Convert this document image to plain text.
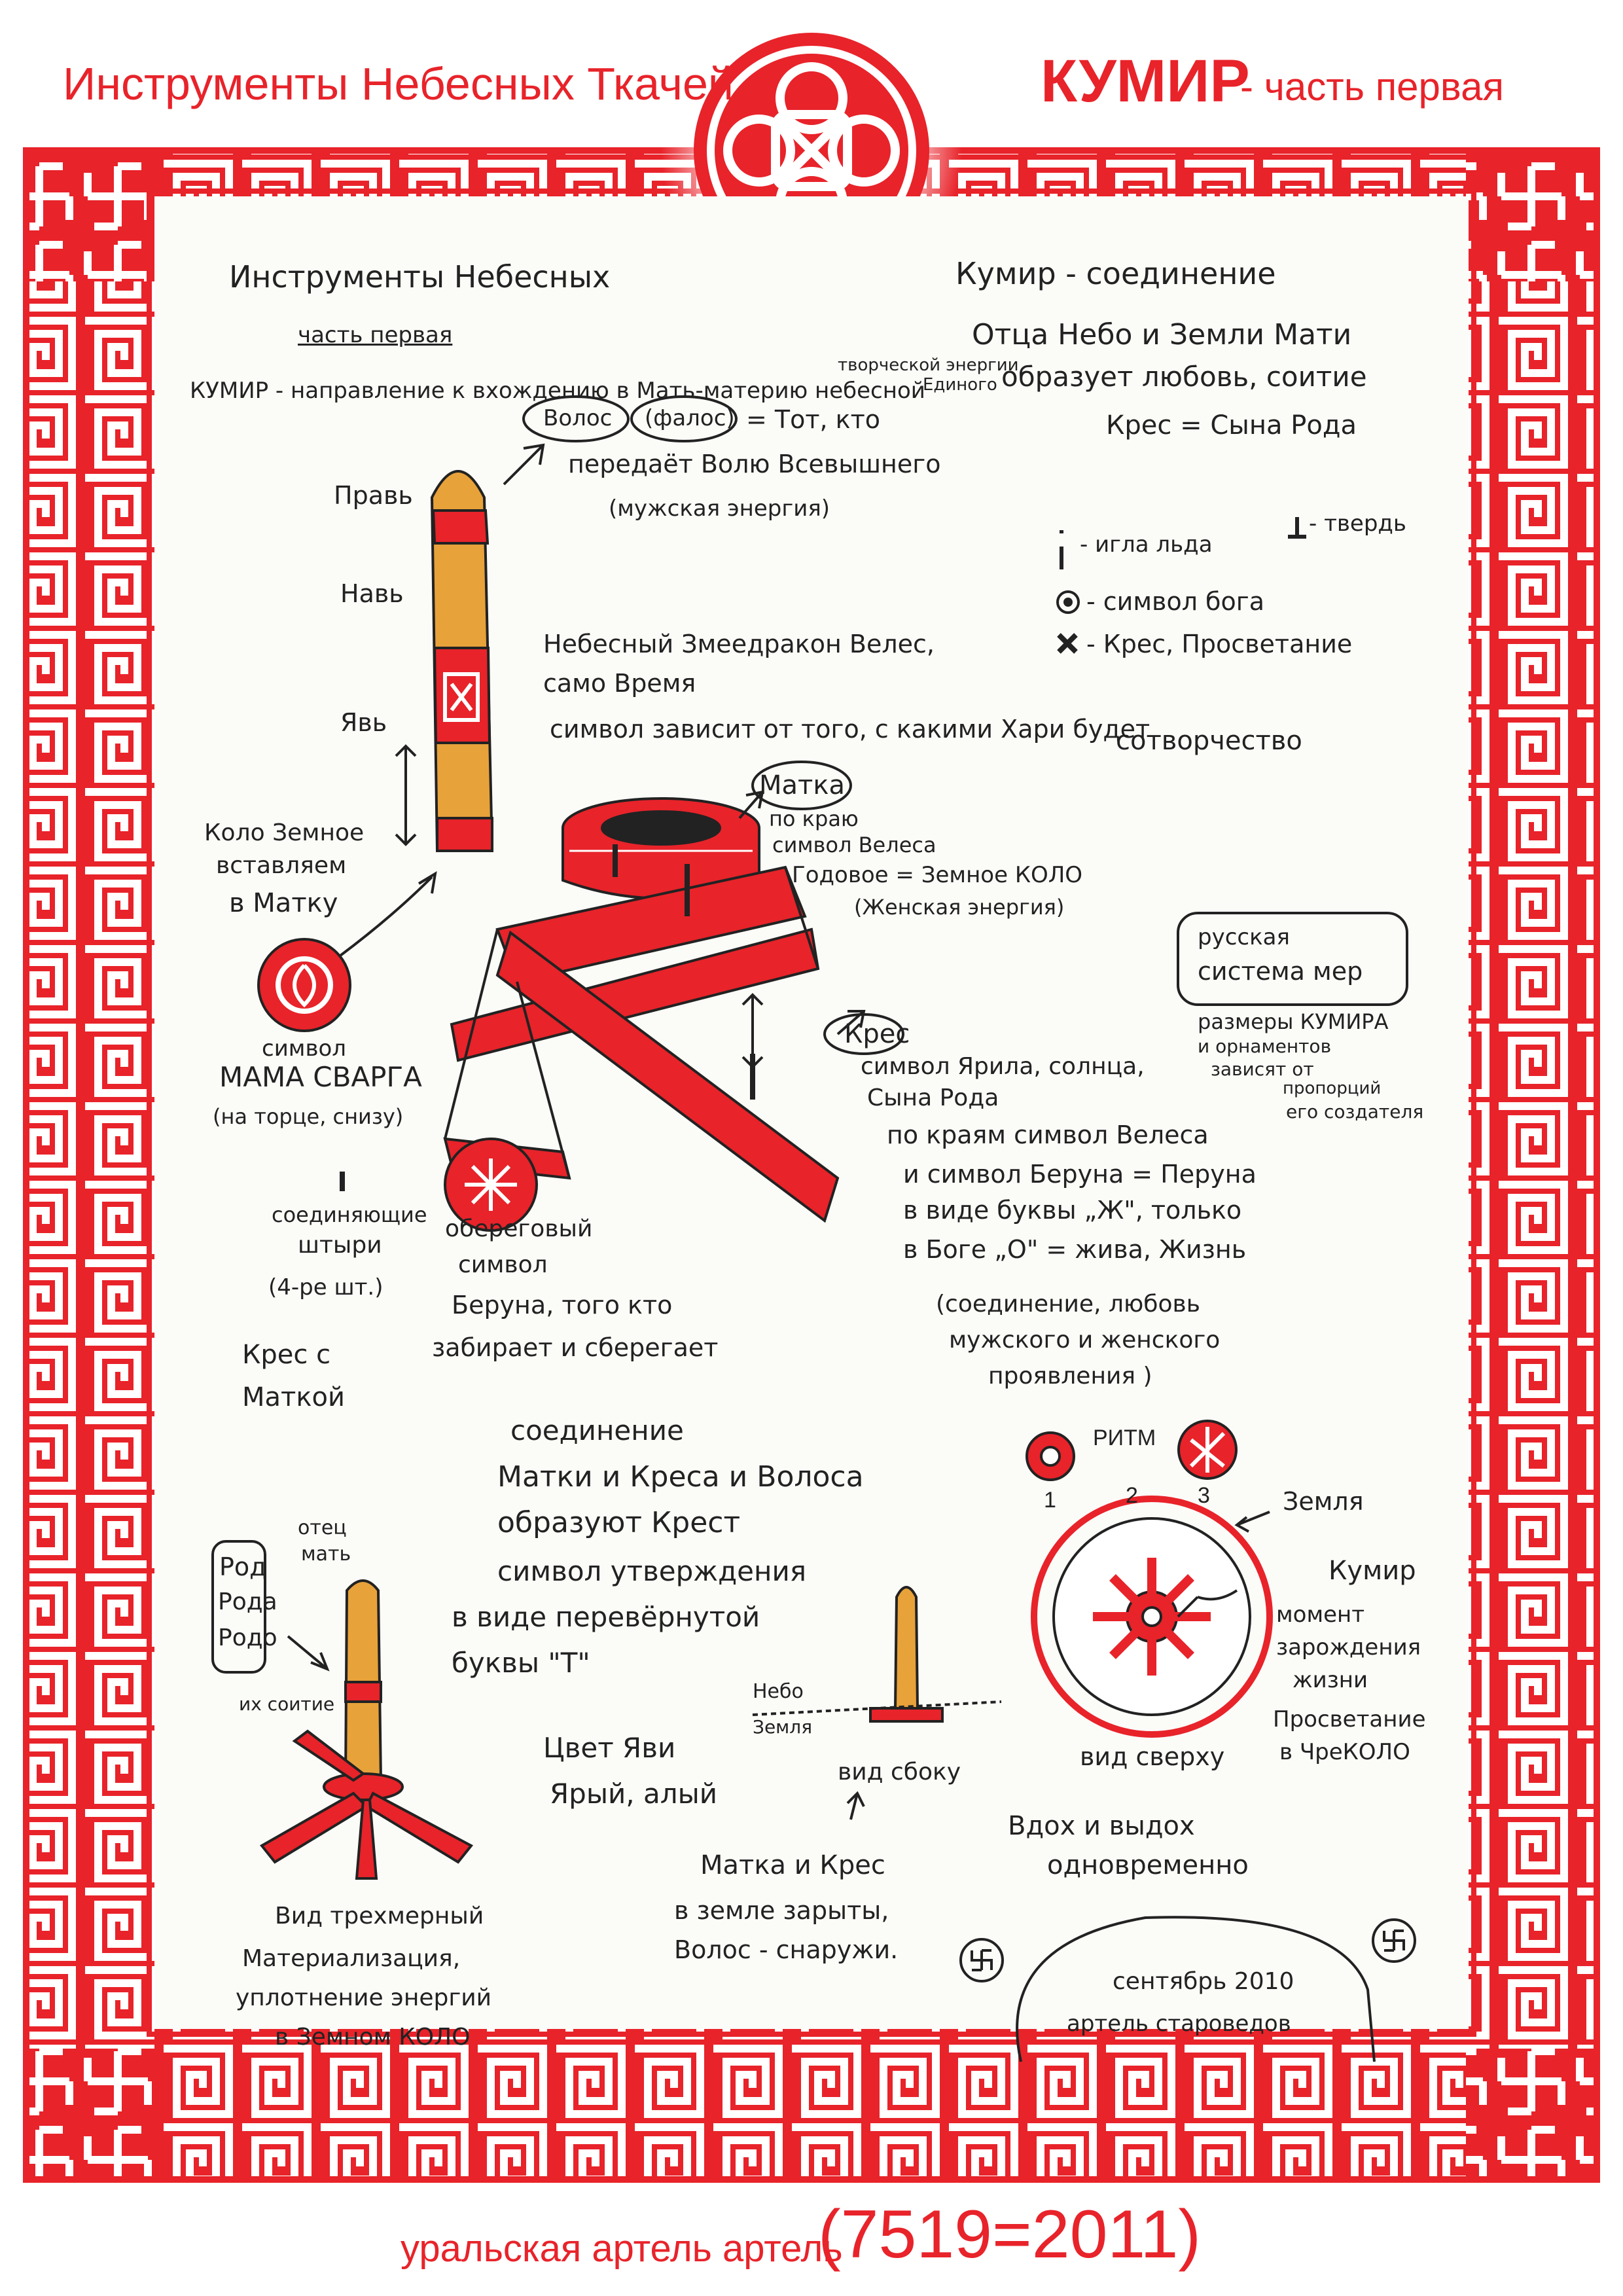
Инструменты Небесных Ткачей	КУМИР
- часть первая
уральская артель артель
(7519=2011)
Инструменты Небесных
часть первая
КУМИР - направление к вхождению в Мать-материю небесной
творческой энергии
Единого
Волос (фалос) = Тот, кто
передаёт Волю Всевышнего
(мужская энергия)
Кумир - соединение
Отца Небо и Земли Мати
образует любовь, соитие
Крес = Сына Рода
Правь
Навь
Явь
Небесный Змеедракон Велес,
само Время
символ зависит от того, с какими Хари будет
сотворчество
- игла льда
- твердь
- символ бога
- Крес, Просветание
Матка
по краю
символ Велеса
Годовое = Земное КОЛО
(Женская энергия)
Коло Земное
вставляем
в Матку
русская
система мер
размеры КУМИРА
и орнаментов
зависят от
пропорций
его создателя
Крес
символ Ярила, солнца,
Сына Рода
по краям символ Велеса
и символ Беруна = Перуна
в виде буквы „Ж", только
в Боге „О" = жива, Жизнь
(соединение, любовь
мужского и женского
проявления )
символ
МАМА СВАРГА
(на торце, снизу)
соединяющие
штыри
(4-ре шт.)
Крес с
Маткой
обереговый
символ
Беруна, того кто
забирает и сберегает
соединение
Матки и Креса и Волоса
образуют Крест
символ утверждения
в виде перевёрнутой
буквы "Т"
Род
Рода
Родо
отец
мать
их соитие
Цвет Яви
Ярый, алый
Небо
Земля
вид сбоку
Матка и Крес
в земле зарыты,
Волос - снаружи.
Вид трехмерный
Материализация,
уплотнение энергий
в Земном КОЛО
РИТМ
1	2	3	Земля
Кумир
момент
зарождения
жизни
Просветание
в ЧреКОЛО
вид сверху
Вдох и выдох
одновременно
сентябрь 2010
артель староведов
